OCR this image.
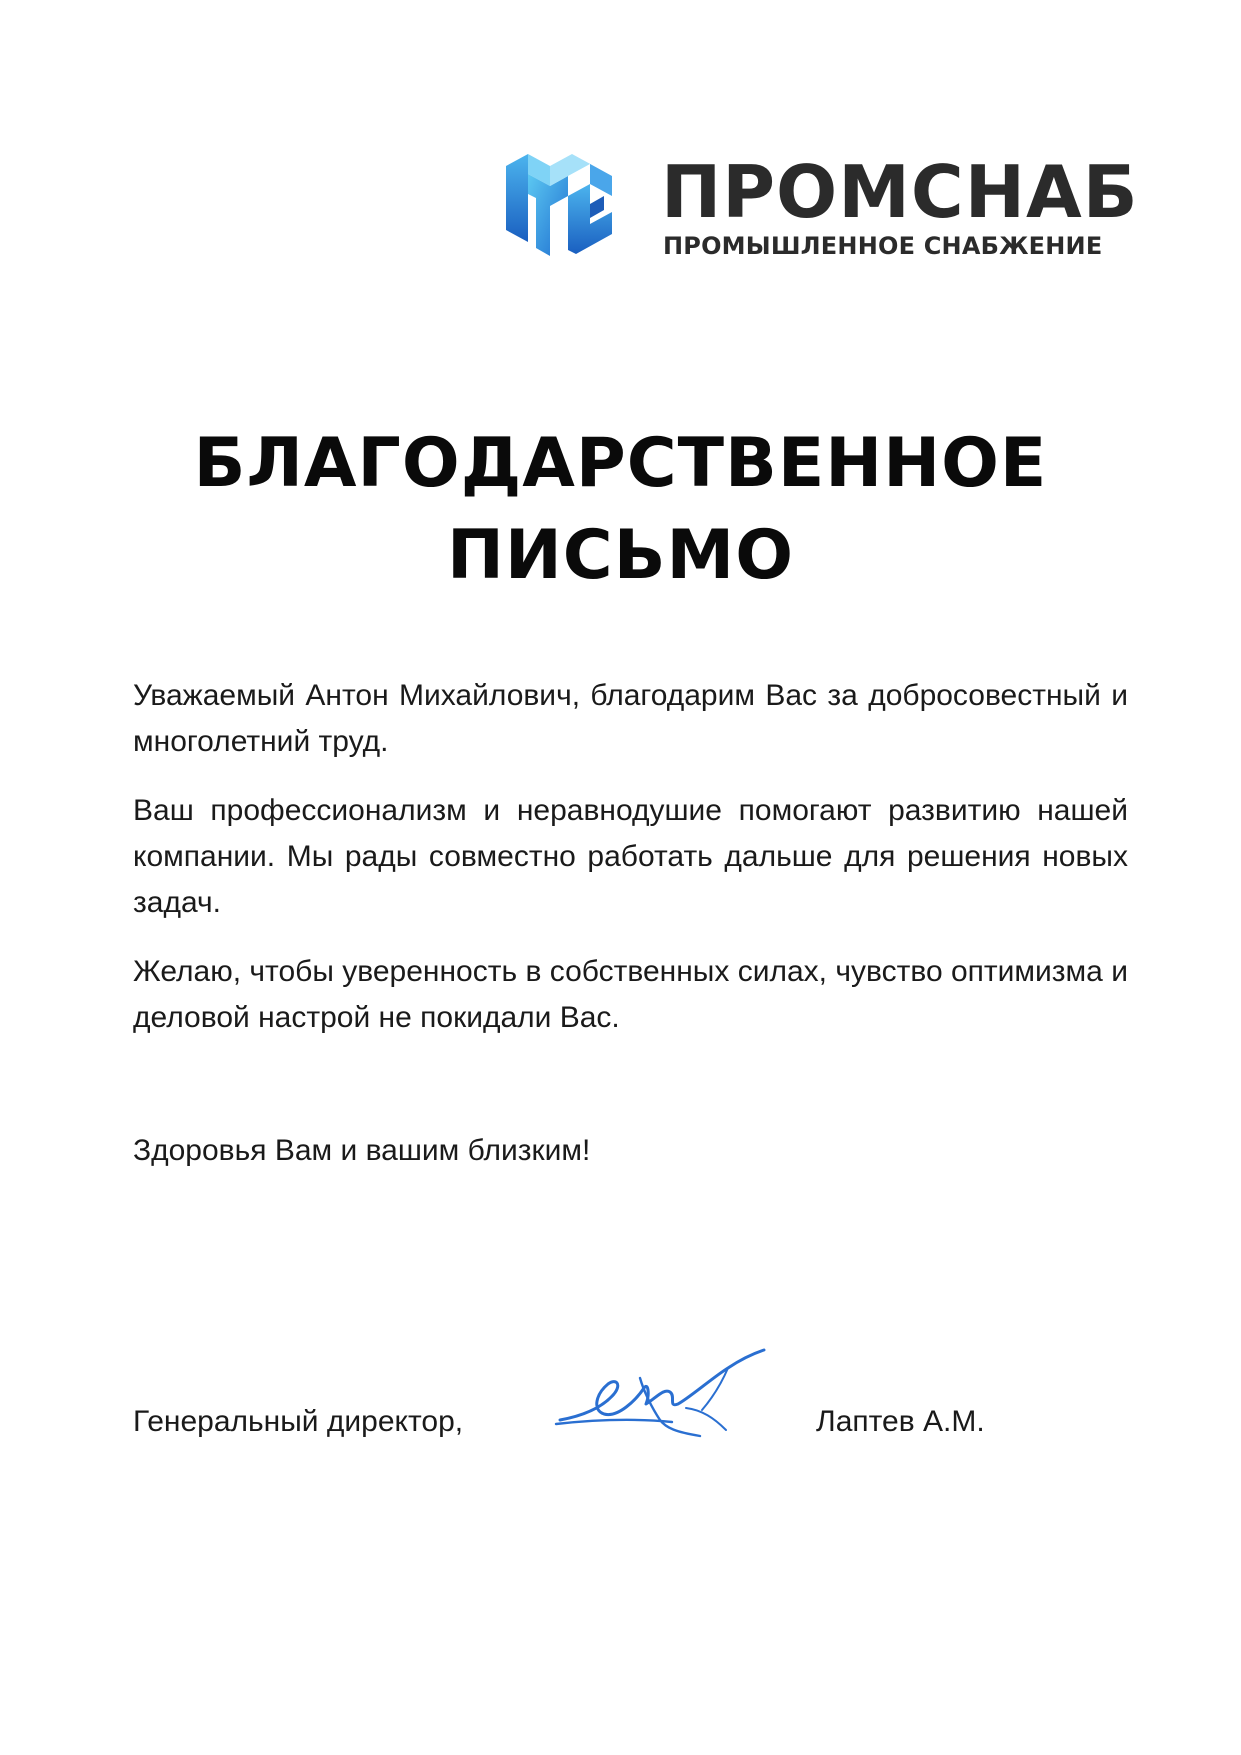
ПРОМСНАБ
ПРОМЫШЛЕННОЕ СНАБЖЕНИЕ
БЛАГОДАРСТВЕННОЕ
ПИСЬМО

Уважаемый Антон Михайлович, благодарим Вас за добросовестный и многолетний труд.

Ваш профессионализм и неравнодушие помогают развитию нашей компании. Мы рады совместно работать дальше для решения новых задач.

Желаю, чтобы уверенность в собственных силах, чувство оптимизма и деловой настрой не покидали Вас.

Здоровья Вам и вашим близким!

Генеральный директор,	Лаптев А.М.
